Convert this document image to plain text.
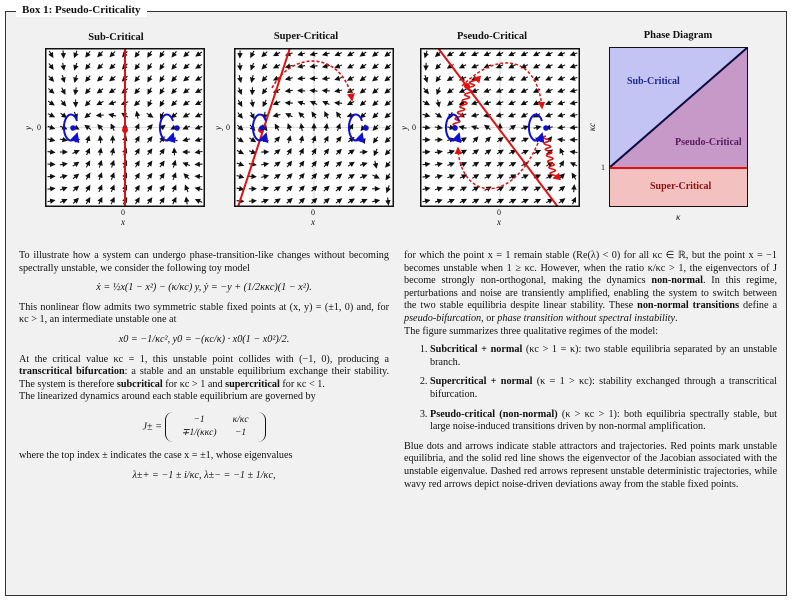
Box 1: Pseudo-Criticality
Sub-Critical	Super-Critical	Pseudo-Critical	Phase Diagram
0
x
0
y
0
x
0
y
0
x
0
y
Sub-Critical
Pseudo-Critical
Super-Critical
1
κc
κ

To illustrate how a system can undergo phase-transition-like changes without becoming spectrally unstable, we consider the following toy model

ẋ = ½x(1 − x²) − (κ/κc) y, ẏ = −y + (1/2κκc)(1 − x²).

This nonlinear flow admits two symmetric stable fixed points at (x, y) = (±1, 0) and, for κc > 1, an intermediate unstable one at

x0 = −1/κc², y0 = −(κc/κ) · x0(1 − x0²)/2.

At the critical value κc = 1, this unstable point collides with (−1, 0), producing a transcritical bifurcation: a stable and an unstable equilibrium exchange their stability. The system is therefore subcritical for κc > 1 and supercritical for κc < 1.

The linearized dynamics around each stable equilibrium are governed by

J± =
−1	κ/κc
∓1/(κκc)	−1

where the top index ± indicates the case x = ±1, whose eigenvalues

λ±+ = −1 ± i/κc, λ±− = −1 ± 1/κc,

for which the point x = 1 remain stable (Re(λ) < 0) for all κc ∈ ℝ, but the point x = −1 becomes unstable when 1 ≥ κc. However, when the ratio κ/κc > 1, the eigenvectors of J become strongly non-orthogonal, making the dynamics non-normal. In this regime, perturbations and noise are transiently amplified, enabling the system to switch between the two stable equilibria despite linear stability. These non-normal transitions define a pseudo-bifurcation, or phase transition without spectral instability.

The figure summarizes three qualitative regimes of the model:

1. Subcritical + normal (κc > 1 = κ): two stable equilibria separated by an unstable branch.
2. Supercritical + normal (κ = 1 > κc): stability exchanged through a transcritical bifurcation.
3. Pseudo-critical (non-normal) (κ > κc > 1): both equilibria spectrally stable, but large noise-induced transitions driven by non-normal amplification.

Blue dots and arrows indicate stable attractors and trajectories. Red points mark unstable equilibria, and the solid red line shows the eigenvector of the Jacobian associated with the unstable eigenvalue. Dashed red arrows represent unstable deterministic trajectories, while wavy red arrows depict noise-driven deviations away from the stable fixed points.
